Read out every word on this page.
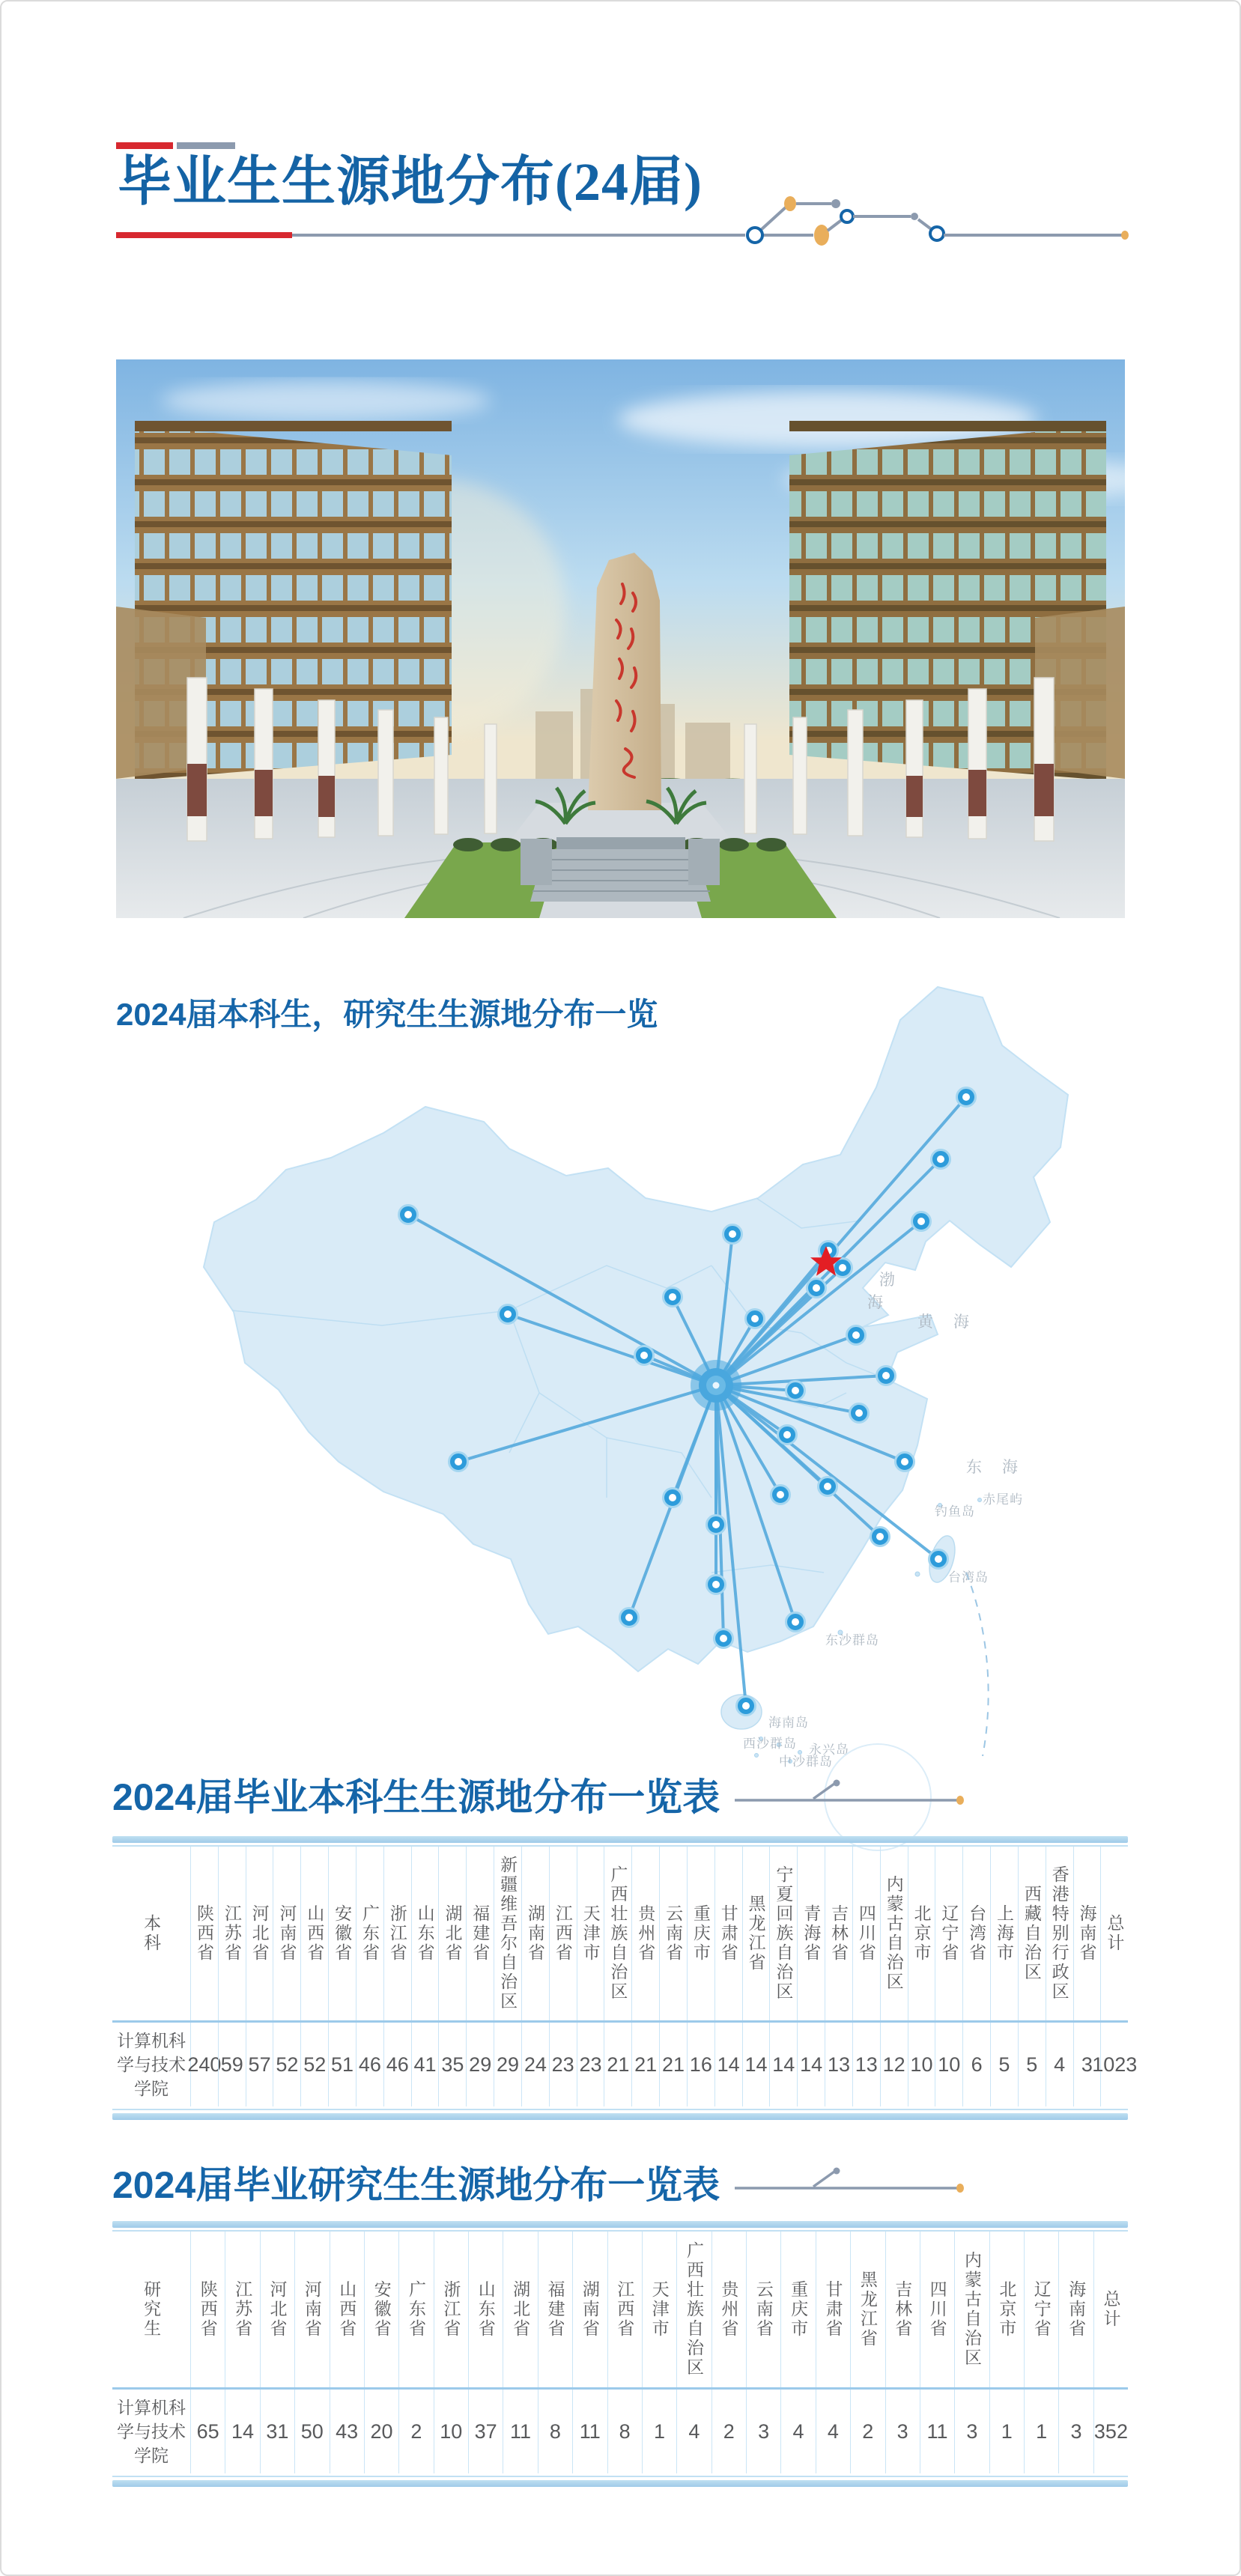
毕业生生源地分布(24届)
2024届本科生，研究生生源地分布一览
渤
海
黄　海
东　海
赤尾屿
钓鱼岛
台湾岛
东沙群岛
海南岛
西沙群岛 永兴岛
中沙群岛
2024届毕业本科生生源地分布一览表
本科	陕西省 江苏省 河北省 河南省 山西省 安徽省 广东省 浙江省 山东省 湖北省 福建省 新疆维吾尔自治区 湖南省 江西省 天津市 广西壮族自治区 贵州省 云南省 重庆市 甘肃省 黑龙江省 宁夏回族自治区 青海省 吉林省 四川省 内蒙古自治区 北京市 辽宁省 台湾省 上海市 西藏自治区 香港特别行政区 海南省 总计
计算机科学与技术学院
240 59 57 52 52 51 46 46 41 35 29 29 24 23 23 21 21 21 16 14 14 14 14 13 13 12 10 10 6 5 5 4 3 1023
2024届毕业研究生生源地分布一览表
研究生	陕西省 江苏省 河北省 河南省 山西省 安徽省 广东省 浙江省 山东省 湖北省 福建省 湖南省 江西省 天津市 广西壮族自治区 贵州省 云南省 重庆市 甘肃省 黑龙江省 吉林省 四川省 内蒙古自治区 北京市 辽宁省 海南省 总计
计算机科学与技术学院
65 14 31 50 43 20 2 10 37 11 8 11 8	1	4	2	3	4	4	2	3 11 3	1	1	3 352
